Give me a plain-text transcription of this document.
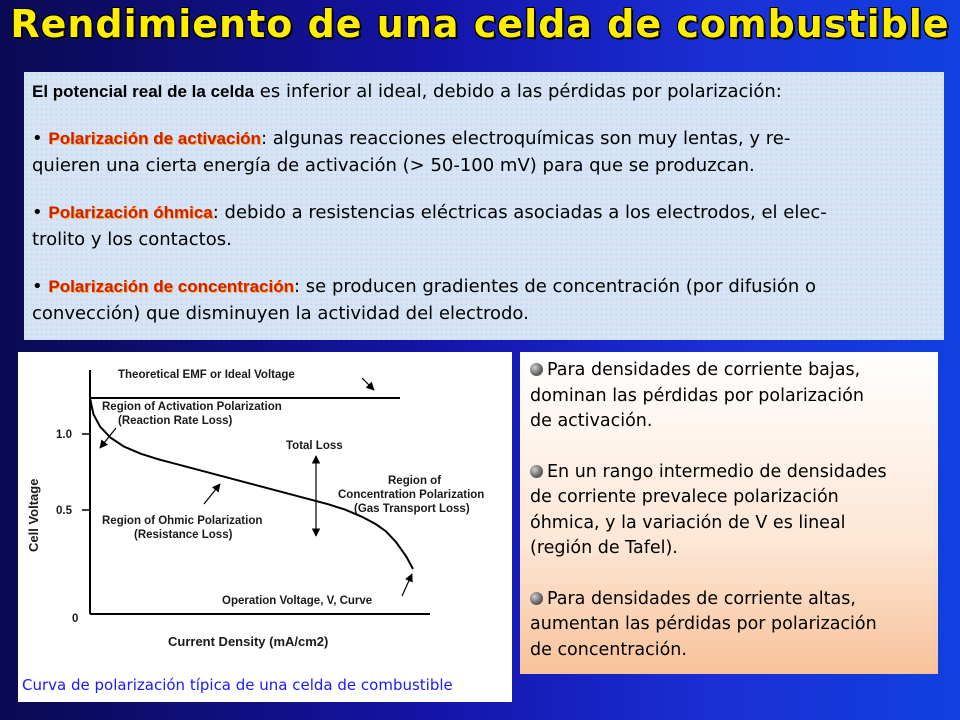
Rendimiento de una celda de combustible

El potencial real de la celda es inferior al ideal, debido a las pérdidas por polarización:

• Polarización de activación: algunas reacciones electroquímicas son muy lentas, y re-

quieren una cierta energía de activación (> 50-100 mV) para que se produzcan.

• Polarización óhmica: debido a resistencias eléctricas asociadas a los electrodos, el elec-

trolito y los contactos.

• Polarización de concentración: se producen gradientes de concentración (por difusión o

convección) que disminuyen la actividad del electrodo.

1.0
0.5
0
Cell Voltage
Current Density (mA/cm2)
Theoretical EMF or Ideal Voltage
Region of Activation Polarization
(Reaction Rate Loss)
Total Loss
Region of Ohmic Polarization
(Resistance Loss)
Region of
Concentration Polarization
(Gas Transport Loss)
Operation Voltage, V, Curve
Curva de polarización típica de una celda de combustible

Para densidades de corriente bajas,

dominan las pérdidas por polarización

de activación.

En un rango intermedio de densidades

de corriente prevalece polarización

óhmica, y la variación de V es lineal

(región de Tafel).

Para densidades de corriente altas,

aumentan las pérdidas por polarización

de concentración.
